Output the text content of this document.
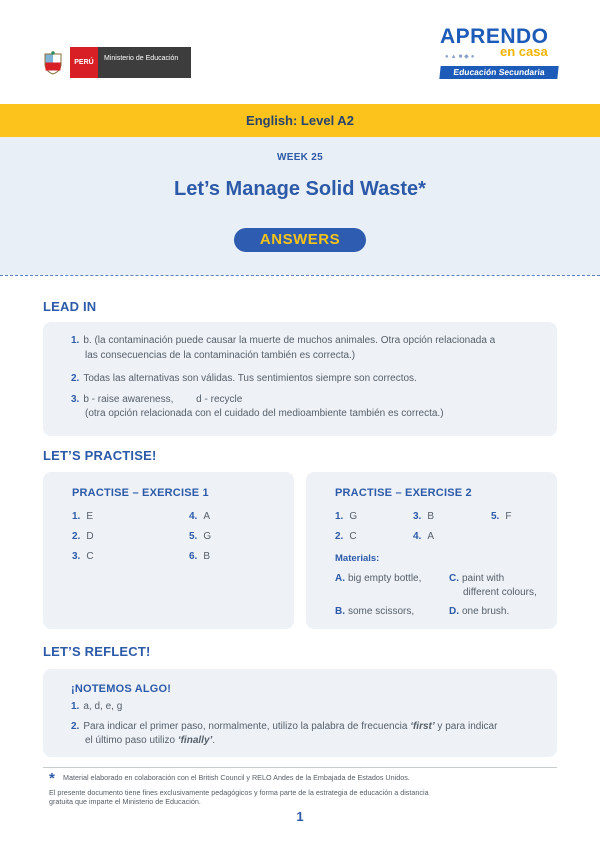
PERÚ
Ministerio de Educación
APRENDO
●▲■◆● en casa
Educación Secundaria
English: Level A2
WEEK 25
Let’s Manage Solid Waste*
ANSWERS
LEAD IN
1. b. (la contaminación puede causar la muerte de muchos animales. Otra opción relacionada a
las consecuencias de la contaminación también es correcta.)
2. Todas las alternativas son válidas. Tus sentimientos siempre son correctos.
3. b - raise awareness, d - recycle
(otra opción relacionada con el cuidado del medioambiente también es correcta.)
LET’S PRACTISE!
PRACTISE – EXERCISE 1
1. E
2. D
3. C
4. A
5. G
6. B
PRACTISE – EXERCISE 2
1. G	3. B	5. F
2. C	4. A
Materials:
A. big empty bottle,	C. paint with
different colours,
B. some scissors,	D. one brush.
LET’S REFLECT!
¡NOTEMOS ALGO!
1. a, d, e, g
2. Para indicar el primer paso, normalmente, utilizo la palabra de frecuencia ‘first’ y para indicar
el último paso utilizo ‘finally’.
* Material elaborado en colaboración con el British Council y RELO Andes de la Embajada de Estados Unidos.
El presente documento tiene fines exclusivamente pedagógicos y forma parte de la estrategia de educación a distancia
gratuita que imparte el Ministerio de Educación.
1
